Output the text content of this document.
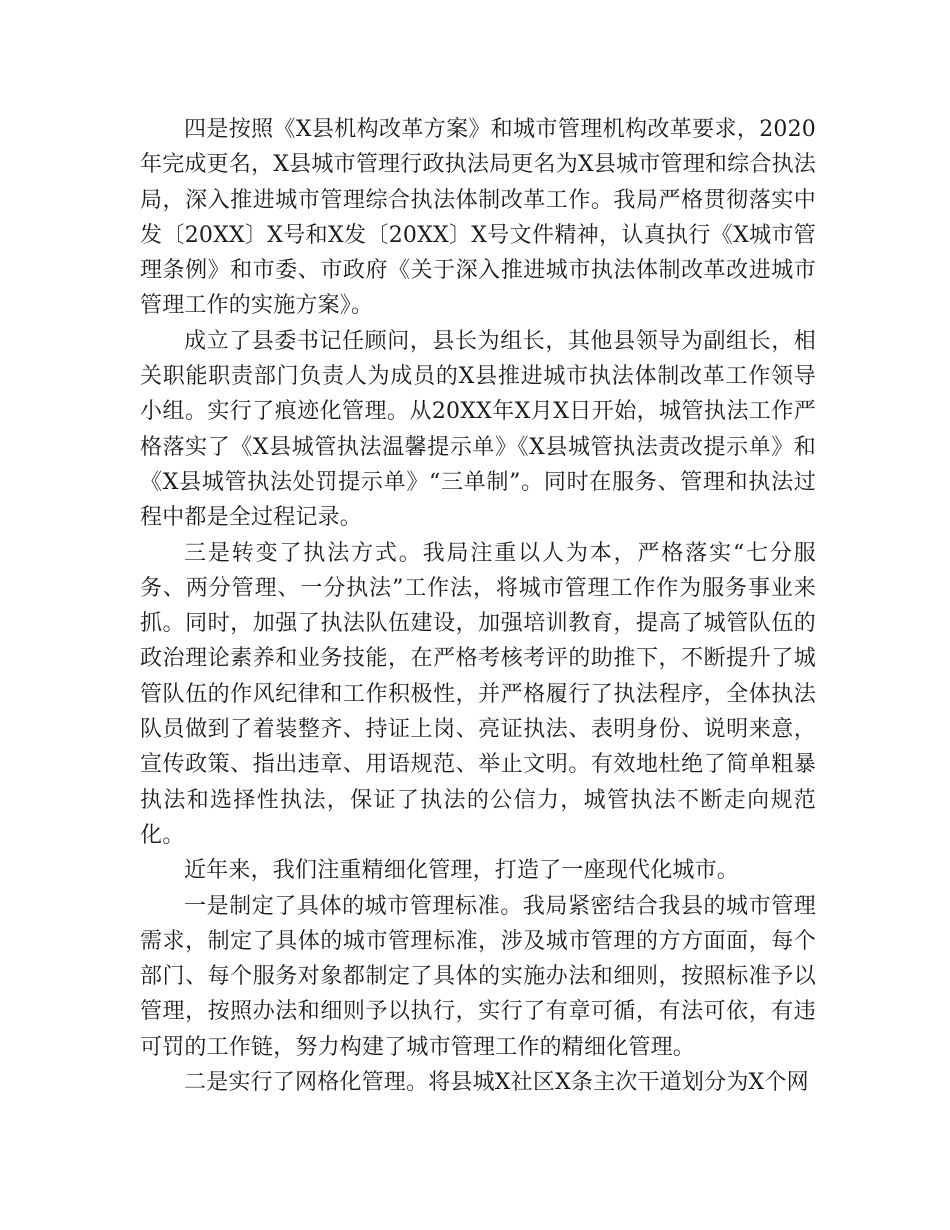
四是按照《X县机构改革方案》和城市管理机构改革要求，2020年完成更名，X县城市管理行政执法局更名为X县城市管理和综合执法局，深入推进城市管理综合执法体制改革工作。我局严格贯彻落实中发〔20XX〕X号和X发〔20XX〕X号文件精神，认真执行《X城市管理条例》和市委、市政府《关于深入推进城市执法体制改革改进城市管理工作的实施方案》。

成立了县委书记任顾问，县长为组长，其他县领导为副组长，相关职能职责部门负责人为成员的X县推进城市执法体制改革工作领导小组。实行了痕迹化管理。从20XX年X月X日开始，城管执法工作严格落实了《X县城管执法温馨提示单》《X县城管执法责改提示单》和《X县城管执法处罚提示单》“三单制”。同时在服务、管理和执法过程中都是全过程记录。

三是转变了执法方式。我局注重以人为本，严格落实“七分服务、两分管理、一分执法”工作法，将城市管理工作作为服务事业来抓。同时，加强了执法队伍建设，加强培训教育，提高了城管队伍的政治理论素养和业务技能，在严格考核考评的助推下，不断提升了城管队伍的作风纪律和工作积极性，并严格履行了执法程序，全体执法队员做到了着装整齐、持证上岗、亮证执法、表明身份、说明来意，宣传政策、指出违章、用语规范、举止文明。有效地杜绝了简单粗暴执法和选择性执法，保证了执法的公信力，城管执法不断走向规范化。

近年来，我们注重精细化管理，打造了一座现代化城市。

一是制定了具体的城市管理标准。我局紧密结合我县的城市管理需求，制定了具体的城市管理标准，涉及城市管理的方方面面，每个部门、每个服务对象都制定了具体的实施办法和细则，按照标准予以管理，按照办法和细则予以执行，实行了有章可循，有法可依，有违可罚的工作链，努力构建了城市管理工作的精细化管理。

二是实行了网格化管理。将县城X社区X条主次干道划分为X个网
